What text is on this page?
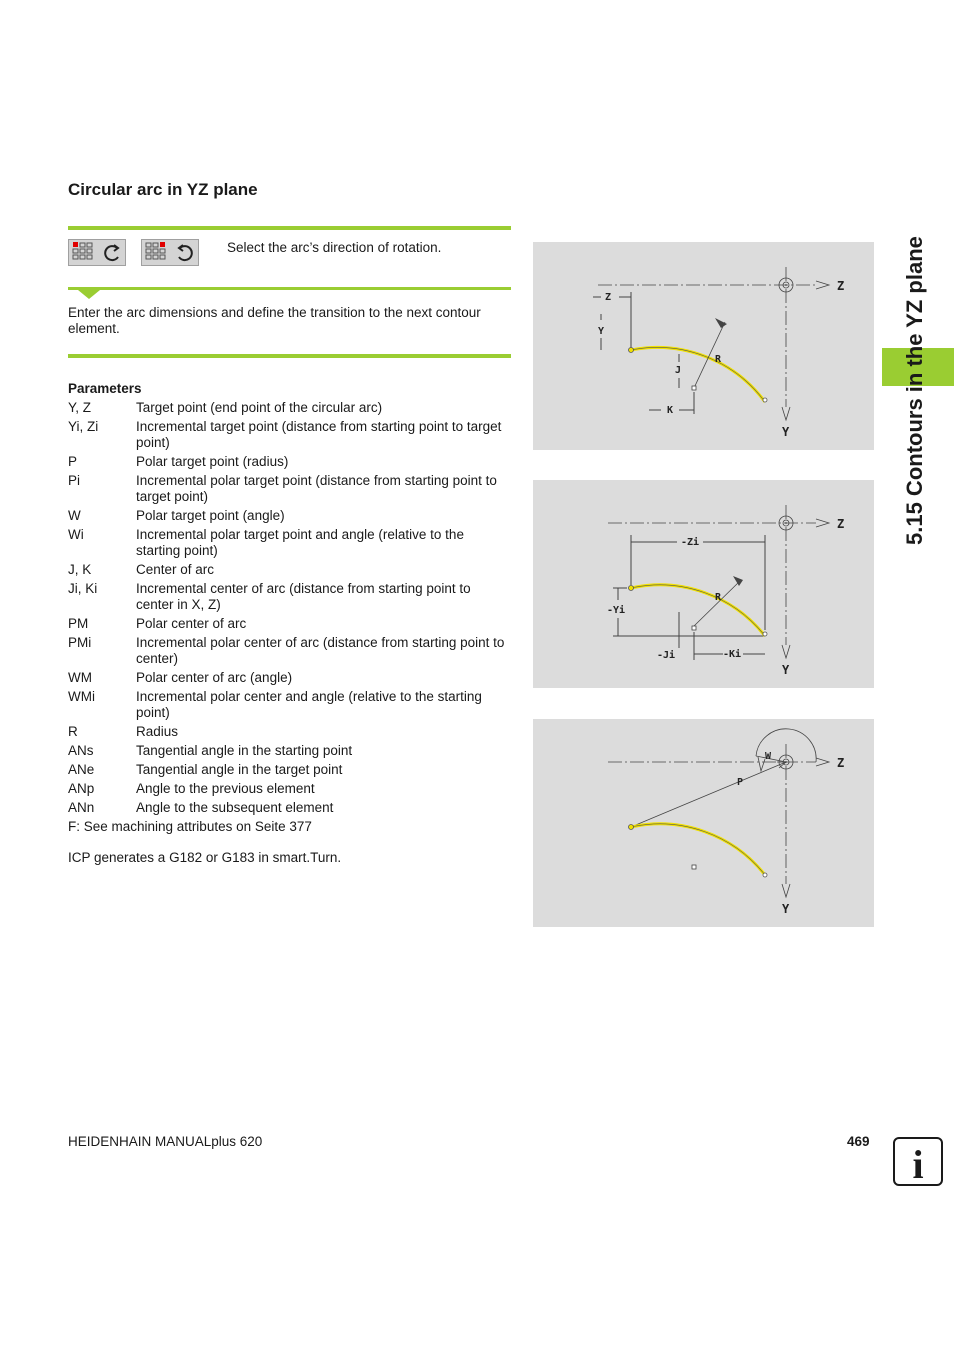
Circular arc in YZ plane

Select the arc’s direction of rotation.

Enter the arc dimensions and define the transition to the next contour element.

Parameters
Y, Z	Target point (end point of the circular arc)
Yi, Zi	Incremental target point (distance from starting point to target point)
P	Polar target point (radius)
Pi	Incremental polar target point (distance from starting point to target point)
W	Polar target point (angle)
Wi	Incremental polar target point and angle (relative to the starting point)
J, K	Center of arc
Ji, Ki	Incremental center of arc (distance from starting point to center in X, Z)
PM	Polar center of arc
PMi	Incremental polar center of arc (distance from starting point to center)
WM	Polar center of arc (angle)
WMi	Incremental polar center and angle (relative to the starting point)
R	Radius
ANs	Tangential angle in the starting point
ANe	Tangential angle in the target point
ANp	Angle to the previous element
ANn	Angle to the subsequent element
F: See machining attributes on Seite 377

ICP generates a G182 or G183 in smart.Turn.

Z
Y
Z
Y
R
J
K
Z
Y
-Zi
-Yi
R
-Ji	-Ki
Z
Y
W
P
5.15 Contours in the YZ plane

HEIDENHAIN MANUALplus 620	469

i
